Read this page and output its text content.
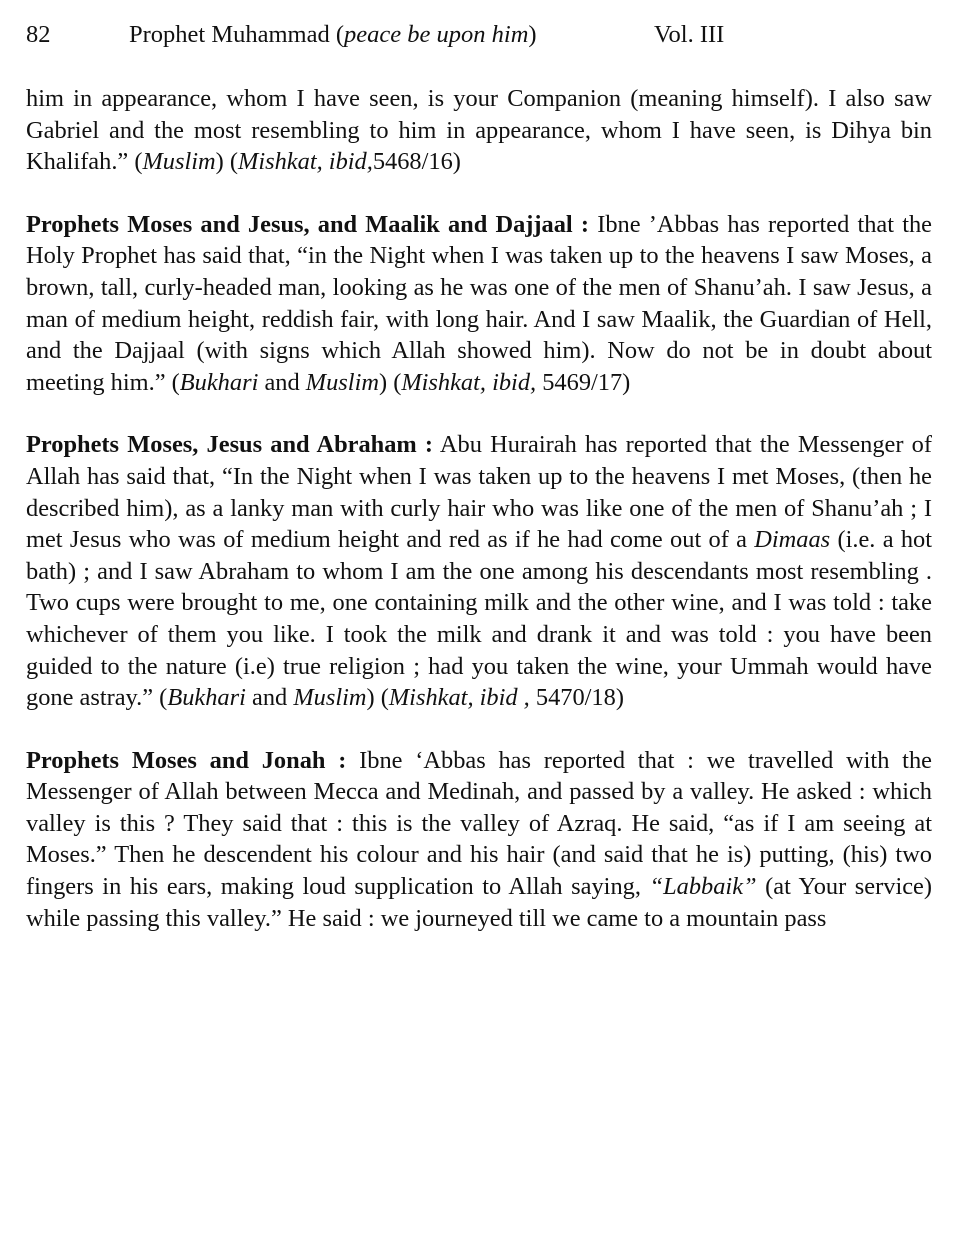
82	Prophet Muhammad (peace be upon him)	Vol. III

him in appearance, whom I have seen, is your Companion (meaning himself). I also saw Gabriel and the most resembling to him in appearance, whom I have seen, is Dihya bin Khalifah.” (Muslim) (Mishkat, ibid,5468/16)

Prophets Moses and Jesus, and Maalik and Dajjaal : Ibne ’Abbas has reported that the Holy Prophet has said that, “in the Night when I was taken up to the heavens I saw Moses, a brown, tall, curly-headed man, looking as he was one of the men of Shanu’ah. I saw Jesus, a man of medium height, reddish fair, with long hair. And I saw Maalik, the Guardian of Hell, and the Dajjaal (with signs which Allah showed him). Now do not be in doubt about meeting him.” (Bukhari and Muslim) (Mishkat, ibid, 5469/17)

Prophets Moses, Jesus and Abraham : Abu Hurairah has reported that the Messenger of Allah has said that, “In the Night when I was taken up to the heavens I met Moses, (then he described him), as a lanky man with curly hair who was like one of the men of Shanu’ah ; I met Jesus who was of medium height and red as if he had come out of a Dimaas (i.e. a hot bath) ; and I saw Abraham to whom I am the one among his descendants most resembling . Two cups were brought to me, one containing milk and the other wine, and I was told : take whichever of them you like. I took the milk and drank it and was told : you have been guided to the nature (i.e) true religion ; had you taken the wine, your Ummah would have gone astray.” (Bukhari and Muslim) (Mishkat, ibid , 5470/18)

Prophets Moses and Jonah : Ibne ‘Abbas has reported that : we travelled with the Messenger of Allah between Mecca and Medinah, and passed by a valley. He asked : which valley is this ? They said that : this is the valley of Azraq. He said, “as if I am seeing at Moses.” Then he descendent his colour and his hair (and said that he is) putting, (his) two fingers in his ears, making loud supplication to Allah saying, “Labbaik” (at Your service) while passing this valley.” He said : we journeyed till we came to a mountain pass
